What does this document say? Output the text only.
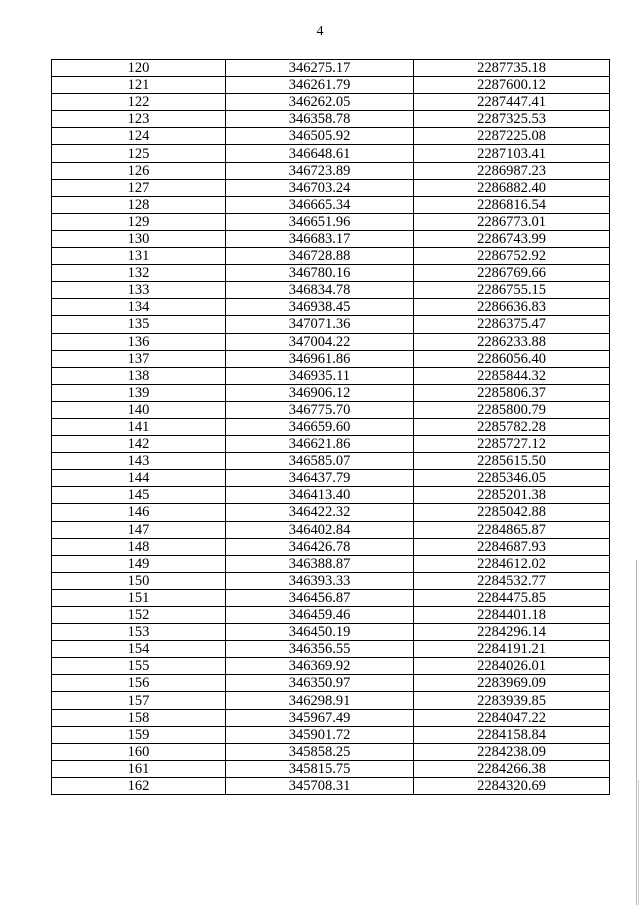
4
120	346275.17	2287735.18
121	346261.79	2287600.12
122	346262.05	2287447.41
123	346358.78	2287325.53
124	346505.92	2287225.08
125	346648.61	2287103.41
126	346723.89	2286987.23
127	346703.24	2286882.40
128	346665.34	2286816.54
129	346651.96	2286773.01
130	346683.17	2286743.99
131	346728.88	2286752.92
132	346780.16	2286769.66
133	346834.78	2286755.15
134	346938.45	2286636.83
135	347071.36	2286375.47
136	347004.22	2286233.88
137	346961.86	2286056.40
138	346935.11	2285844.32
139	346906.12	2285806.37
140	346775.70	2285800.79
141	346659.60	2285782.28
142	346621.86	2285727.12
143	346585.07	2285615.50
144	346437.79	2285346.05
145	346413.40	2285201.38
146	346422.32	2285042.88
147	346402.84	2284865.87
148	346426.78	2284687.93
149	346388.87	2284612.02
150	346393.33	2284532.77
151	346456.87	2284475.85
152	346459.46	2284401.18
153	346450.19	2284296.14
154	346356.55	2284191.21
155	346369.92	2284026.01
156	346350.97	2283969.09
157	346298.91	2283939.85
158	345967.49	2284047.22
159	345901.72	2284158.84
160	345858.25	2284238.09
161	345815.75	2284266.38
162	345708.31	2284320.69
